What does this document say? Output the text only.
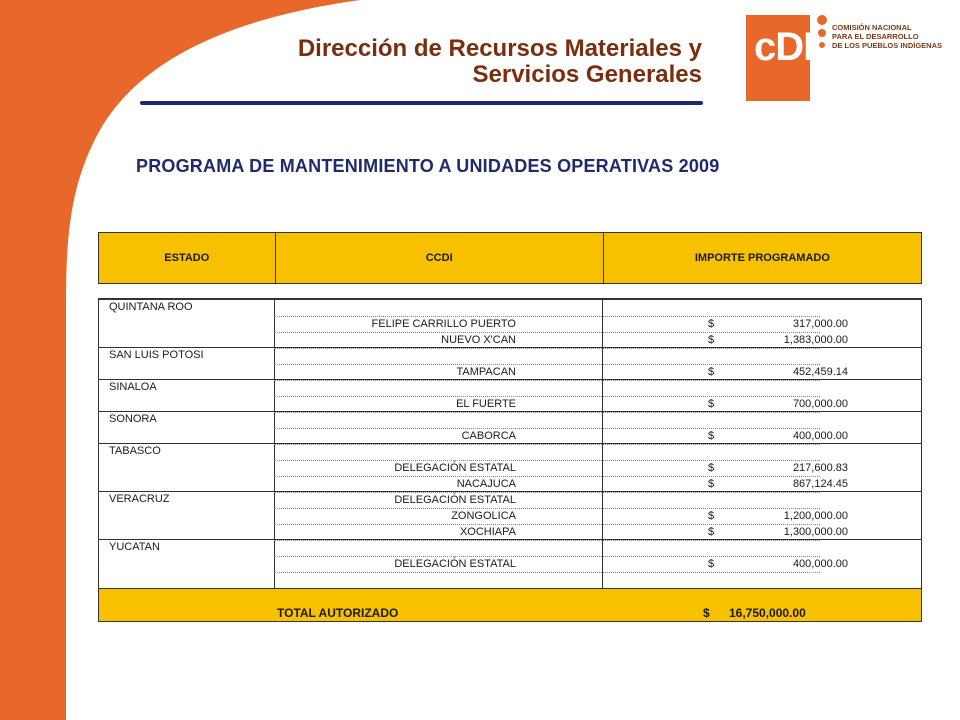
Dirección de Recursos Materiales y
Servicios Generales
cDI	COMISIÓN NACIONAL
PARA EL DESARROLLO
DE LOS PUEBLOS INDÍGENAS
PROGRAMA DE MANTENIMIENTO A UNIDADES OPERATIVAS 2009
ESTADO	CCDI	IMPORTE PROGRAMADO
QUINTANA ROO
FELIPE CARRILLO PUERTO	$	317,000.00
NUEVO X'CAN	$	1,383,000.00
SAN LUIS POTOSI
TAMPACAN	$	452,459.14
SINALOA
EL FUERTE	$	700,000.00
SONORA
CABORCA	$	400,000.00
TABASCO
DELEGACIÓN ESTATAL	$	217,600.83
NACAJUCA	$	867,124.45
VERACRUZ	DELEGACIÓN ESTATAL
ZONGOLICA	$	1,200,000.00
XOCHIAPA	$	1,300,000.00
YUCATAN
DELEGACIÓN ESTATAL	$	400,000.00
TOTAL AUTORIZADO	$ 16,750,000.00
